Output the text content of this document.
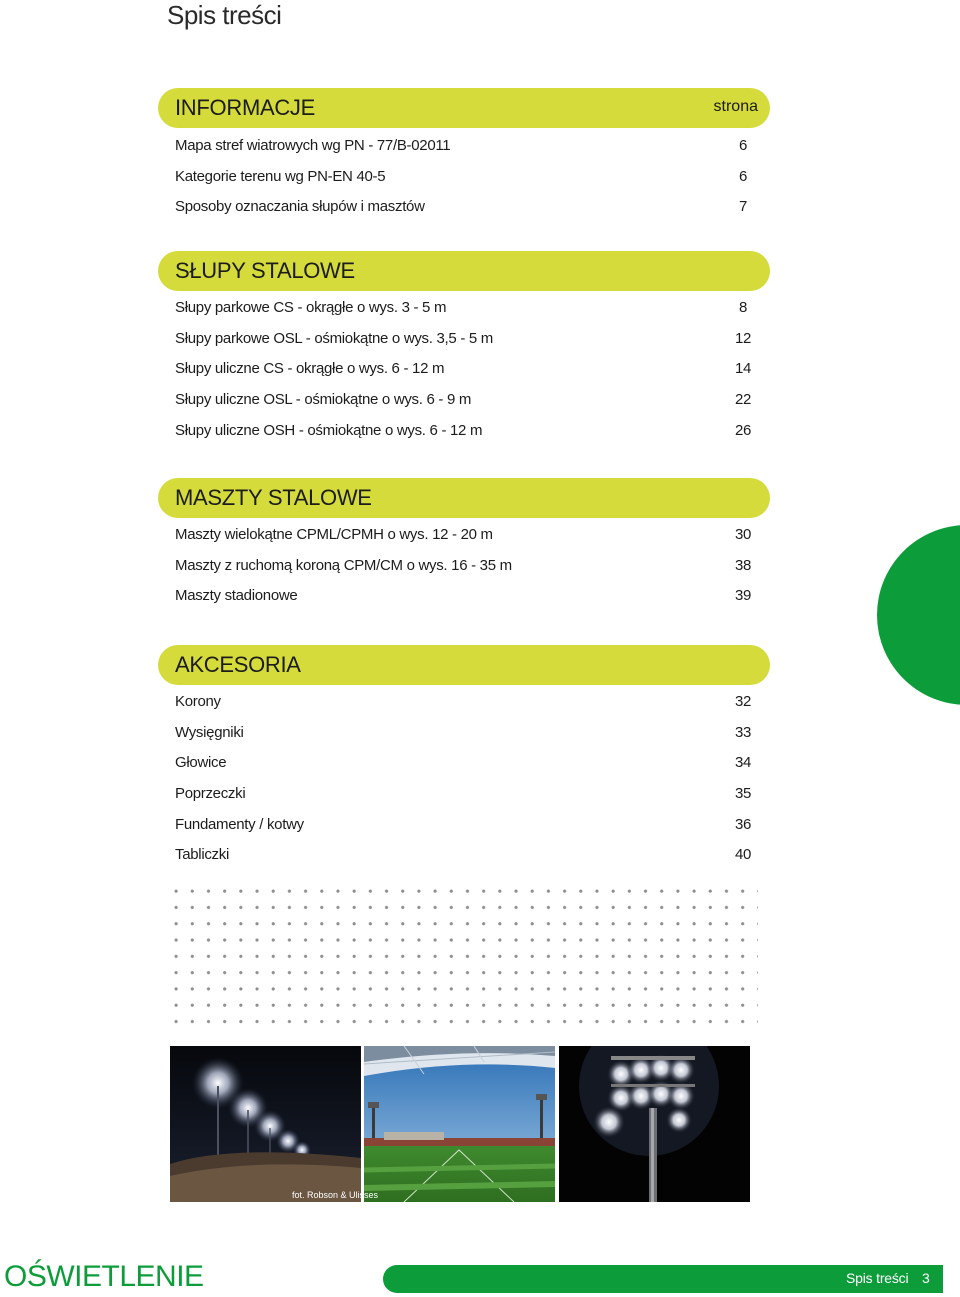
Spis treści
INFORMACJE	strona
Mapa stref wiatrowych wg PN - 77/B-02011	6
Kategorie terenu wg PN-EN 40-5	6
Sposoby oznaczania słupów i masztów	7
SŁUPY STALOWE
Słupy parkowe CS - okrągłe o wys. 3 - 5 m	8
Słupy parkowe OSL - ośmiokątne o wys. 3,5 - 5 m	12
Słupy uliczne CS - okrągłe o wys. 6 - 12 m	14
Słupy uliczne OSL - ośmiokątne o wys. 6 - 9 m	22
Słupy uliczne OSH - ośmiokątne o wys. 6 - 12 m	26
MASZTY STALOWE
Maszty wielokątne CPML/CPMH o wys. 12 - 20 m	30
Maszty z ruchomą koroną CPM/CM o wys. 16 - 35 m	38
Maszty stadionowe	39
AKCESORIA
Korony	32
Wysięgniki	33
Głowice	34
Poprzeczki	35
Fundamenty / kotwy	36
Tabliczki	40
fot. Robson & Ulisses
OŚWIETLENIE	Spis treści 3
